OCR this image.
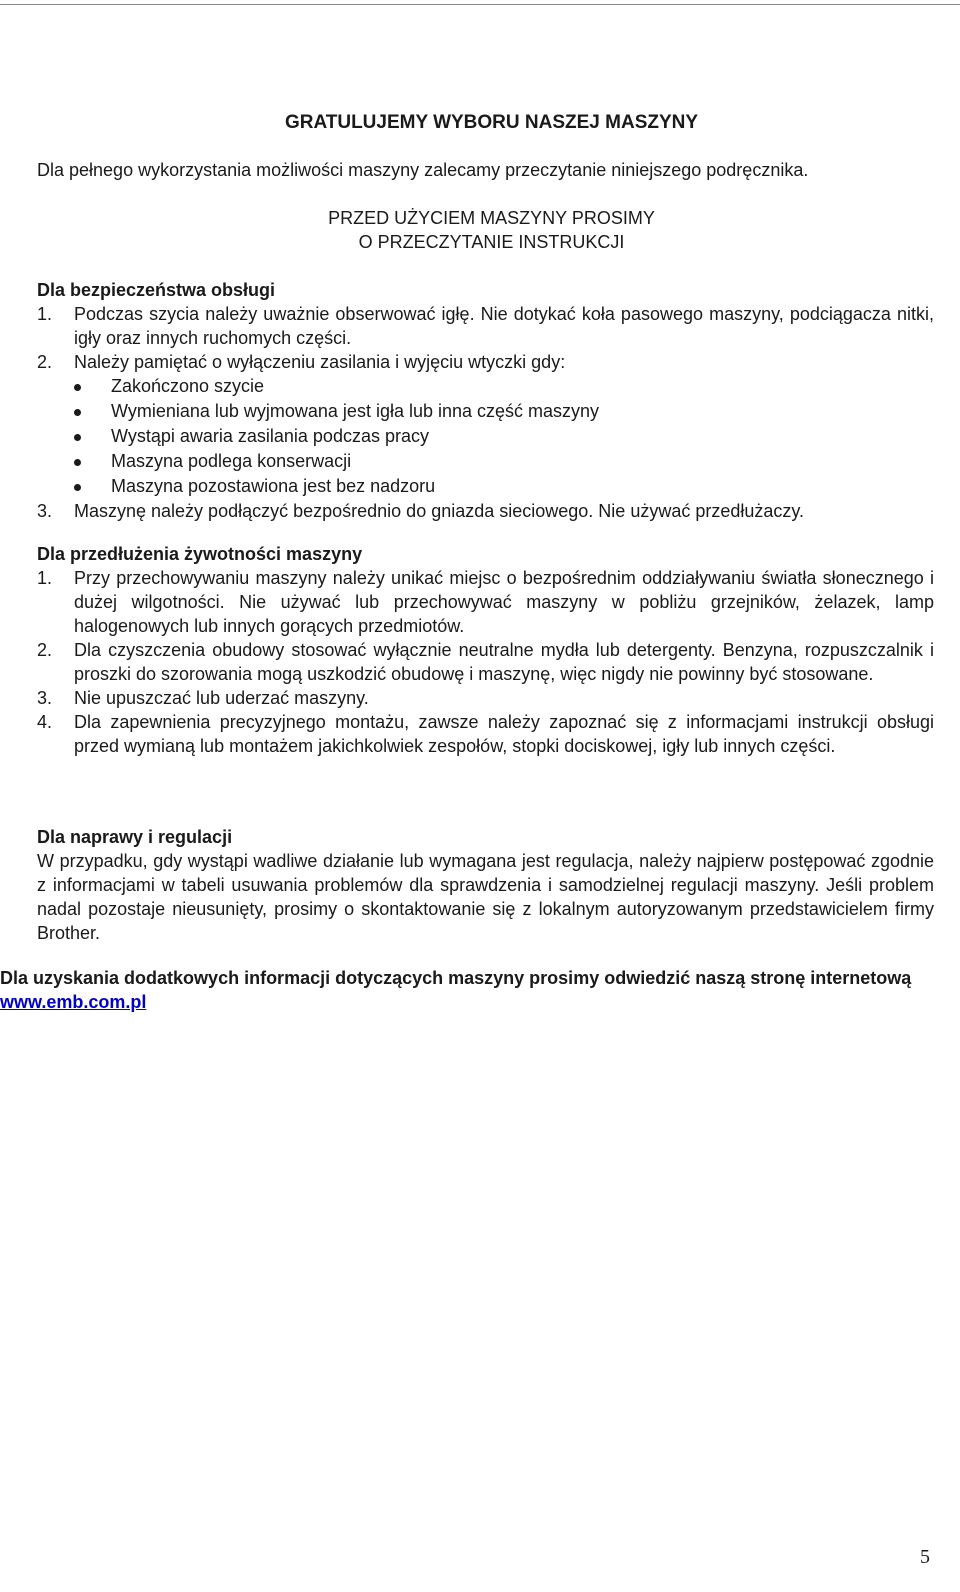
GRATULUJEMY WYBORU NASZEJ MASZYNY
Dla pełnego wykorzystania możliwości maszyny zalecamy przeczytanie niniejszego podręcznika.
PRZED UŻYCIEM MASZYNY PROSIMY
O PRZECZYTANIE INSTRUKCJI
Dla bezpieczeństwa obsługi
1. Podczas szycia należy uważnie obserwować igłę. Nie dotykać koła pasowego maszyny, podciągacza nitki, igły oraz innych ruchomych części.
2. Należy pamiętać o wyłączeniu zasilania i wyjęciu wtyczki gdy:
Zakończono szycie
Wymieniana lub wyjmowana jest igła lub inna część maszyny
Wystąpi awaria zasilania podczas pracy
Maszyna podlega konserwacji
Maszyna pozostawiona jest bez nadzoru
3. Maszynę należy podłączyć bezpośrednio do gniazda sieciowego. Nie używać przedłużaczy.
Dla przedłużenia żywotności maszyny
1. Przy przechowywaniu maszyny należy unikać miejsc o bezpośrednim oddziaływaniu światła słonecznego i dużej wilgotności. Nie używać lub przechowywać maszyny w pobliżu grzejników, żelazek, lamp halogenowych lub innych gorących przedmiotów.
2. Dla czyszczenia obudowy stosować wyłącznie neutralne mydła lub detergenty. Benzyna, rozpuszczalnik i proszki do szorowania mogą uszkodzić obudowę i maszynę, więc nigdy nie powinny być stosowane.
3. Nie upuszczać lub uderzać maszyny.
4. Dla zapewnienia precyzyjnego montażu, zawsze należy zapoznać się z informacjami instrukcji obsługi przed wymianą lub montażem jakichkolwiek zespołów, stopki dociskowej, igły lub innych części.
Dla naprawy i regulacji
W przypadku, gdy wystąpi wadliwe działanie lub wymagana jest regulacja, należy najpierw postępować zgodnie z informacjami w tabeli usuwania problemów dla sprawdzenia i samodzielnej regulacji maszyny. Jeśli problem nadal pozostaje nieusunięty, prosimy o skontaktowanie się z lokalnym autoryzowanym przedstawicielem firmy Brother.
Dla uzyskania dodatkowych informacji dotyczących maszyny prosimy odwiedzić naszą stronę internetową www.emb.com.pl
5
